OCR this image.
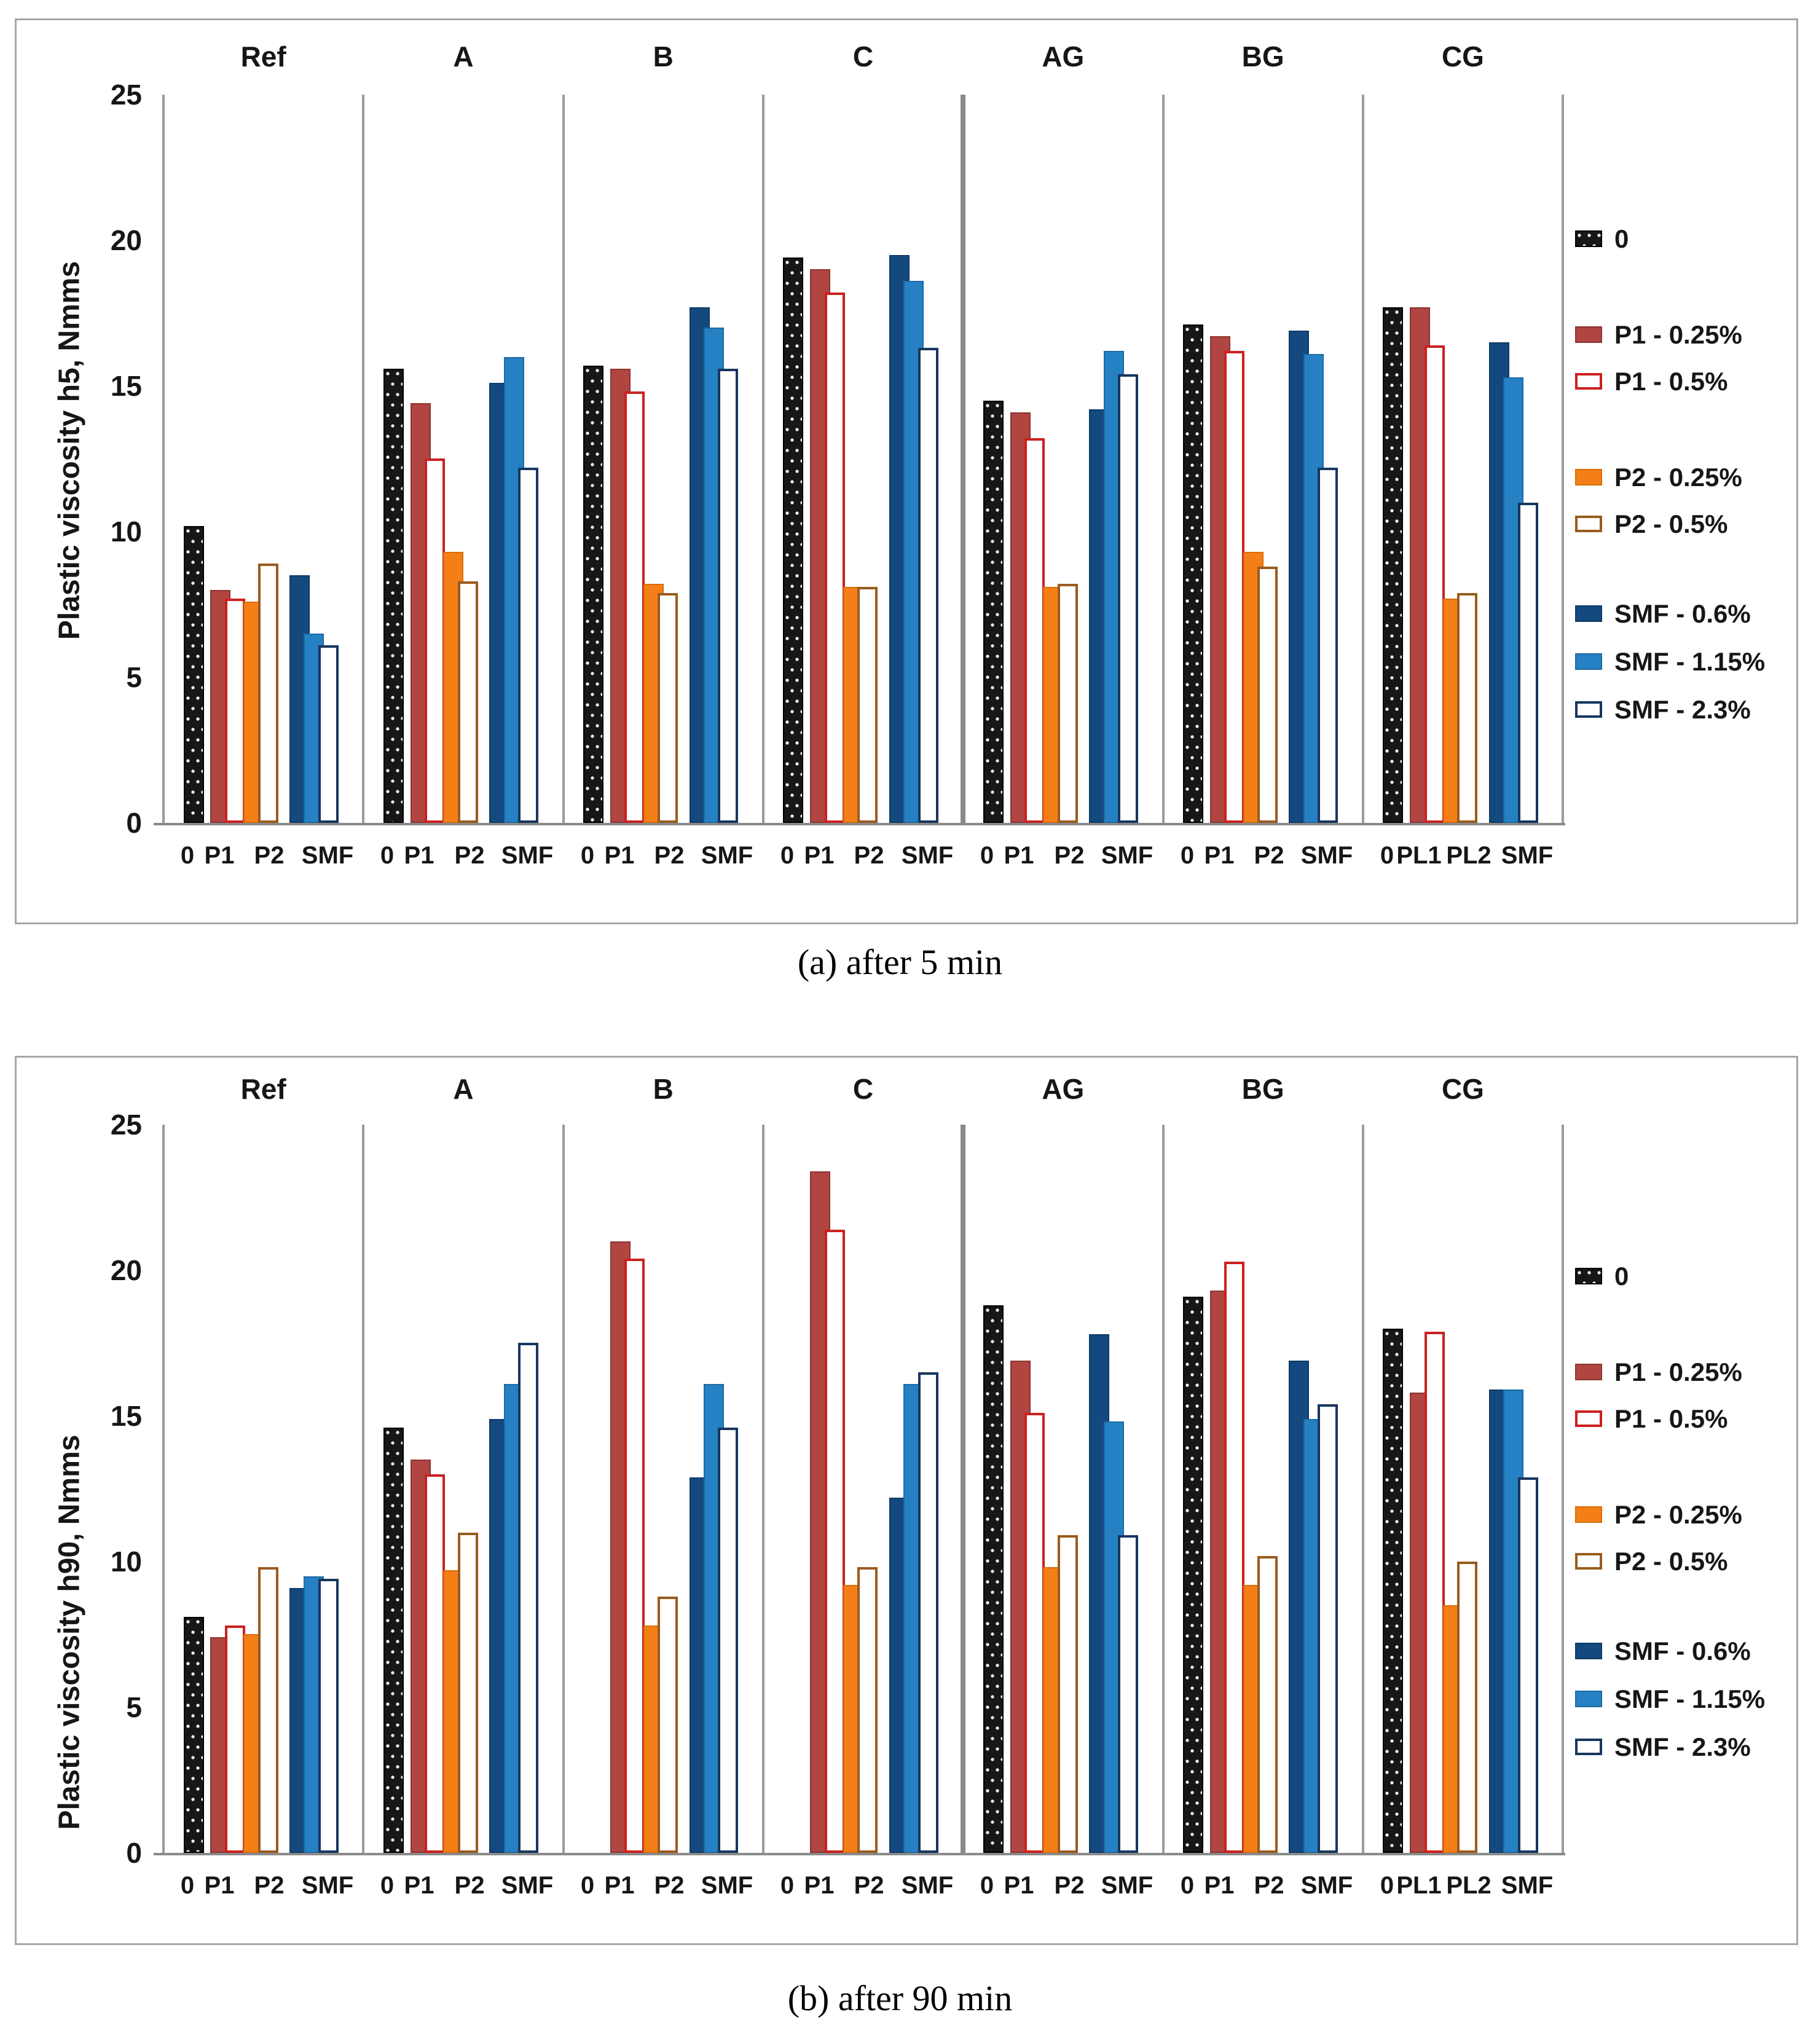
Plastic viscosity h5, Nmms
0
5
10
15
20
25
Ref
0 P1 P2 SMF
A
0 P1 P2 SMF
B
0 P1 P2 SMF
C
0 P1 P2 SMF
AG
0 P1 P2 SMF
BG
0 P1 P2 SMF
CG
0 PL1 PL2 SMF
0
P1 - 0.25%
P1 - 0.5%
P2 - 0.25%
P2 - 0.5%
SMF - 0.6%
SMF - 1.15%
SMF - 2.3%
(a) after 5 min
Plastic viscosity h90, Nmms
0
5
10
15
20
25
Ref
0 P1 P2 SMF
A
0 P1 P2 SMF
B
0 P1 P2 SMF
C
0 P1 P2 SMF
AG
0 P1 P2 SMF
BG
0 P1 P2 SMF
CG
0 PL1 PL2 SMF
0
P1 - 0.25%
P1 - 0.5%
P2 - 0.25%
P2 - 0.5%
SMF - 0.6%
SMF - 1.15%
SMF - 2.3%
(b) after 90 min
